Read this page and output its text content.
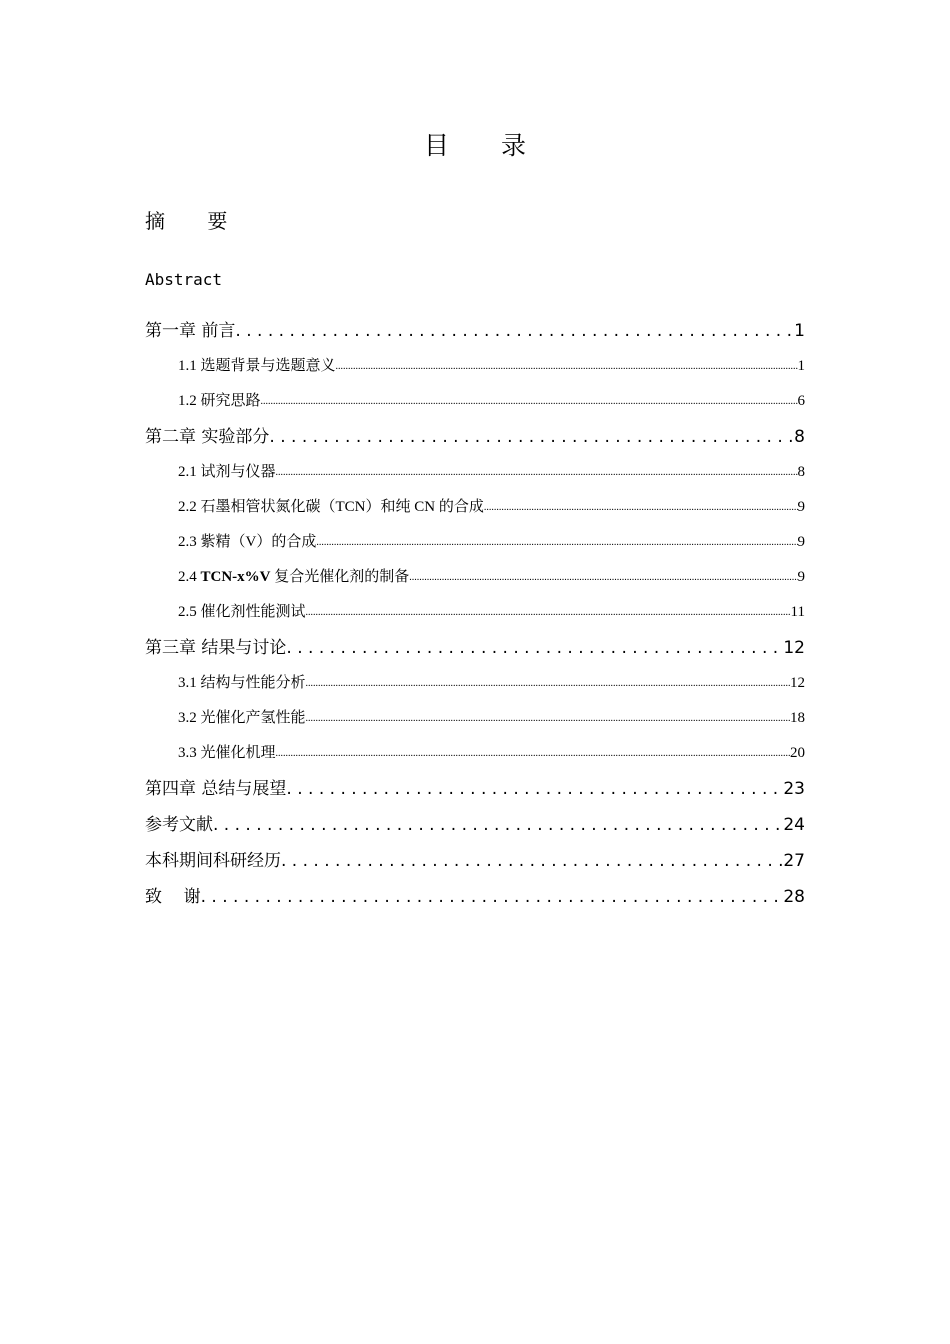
目 录
摘 要
Abstract
第一章 前言 . . .	1
1.1 选题背景与选题意义 .....	1
1.2 研究思路 .....	6
第二章 实验部分 . . .	8
2.1 试剂与仪器 .....	8
2.2 石墨相管状氮化碳（TCN）和纯 CN 的合成 .....	9
2.3 紫精（V）的合成 .....	9
2.4 TCN-x%V 复合光催化剂的制备 .....	9
2.5 催化剂性能测试 .....	11
第三章 结果与讨论 . . .	12
3.1 结构与性能分析 .....	12
3.2 光催化产氢性能 .....	18
3.3 光催化机理 .....	20
第四章 总结与展望 . . .	23
参考文献 . . .	24
本科期间科研经历 . . .	27
致    谢 . . .	28
